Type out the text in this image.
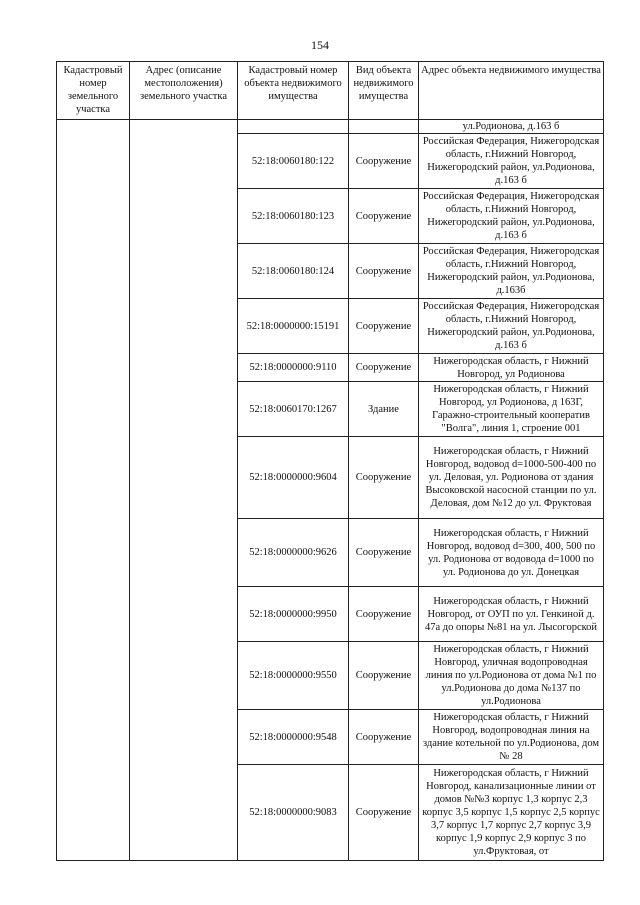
154
Кадастровый номер земельного участка	Адрес (описание местоположения) земельного участка	Кадастровый номер объекта недвижимого имущества	Вид объекта недвижимого имущества	Адрес объекта недвижимого имущества
				ул.Родионова, д.163 б
		52:18:0060180:122	Сооружение	Российская Федерация, Нижегородская область, г.Нижний Новгород, Нижегородский район, ул.Родионова, д.163 б
		52:18:0060180:123	Сооружение	Российская Федерация, Нижегородская область, г.Нижний Новгород, Нижегородский район, ул.Родионова, д.163 б
		52:18:0060180:124	Сооружение	Российская Федерация, Нижегородская область, г.Нижний Новгород, Нижегородский район, ул.Родионова, д.163б
		52:18:0000000:15191	Сооружение	Российская Федерация, Нижегородская область, г.Нижний Новгород, Нижегородский район, ул.Родионова, д.163 б
		52:18:0000000:9110	Сооружение	Нижегородская область, г Нижний Новгород, ул Родионова
		52:18:0060170:1267	Здание	Нижегородская область, г Нижний Новгород, ул Родионова, д 163Г, Гаражно-строительный кооператив "Волга", линия 1, строение 001
		52:18:0000000:9604	Сооружение	Нижегородская область, г Нижний Новгород, водовод d=1000-500-400 по ул. Деловая, ул. Родионова от здания Высоковской насосной станции по ул. Деловая, дом №12 до ул. Фруктовая
		52:18:0000000:9626	Сооружение	Нижегородская область, г Нижний Новгород, водовод d=300, 400, 500 по ул. Родионова от водовода d=1000 по ул. Родионова до ул. Донецкая
		52:18:0000000:9950	Сооружение	Нижегородская область, г Нижний Новгород, от ОУП по ул. Генкиной д. 47а до опоры №81 на ул. Лысогорской
		52:18:0000000:9550	Сооружение	Нижегородская область, г Нижний Новгород, уличная водопроводная линия по ул.Родионова от дома №1 по ул.Родионова до дома №137 по ул.Родионова
		52:18:0000000:9548	Сооружение	Нижегородская область, г Нижний Новгород, водопроводная линия на здание котельной по ул.Родионова, дом № 28
		52:18:0000000:9083	Сооружение	Нижегородская область, г Нижний Новгород, канализационные линии от домов №№3 корпус 1,3 корпус 2,3 корпус 3,5 корпус 1,5 корпус 2,5 корпус 3,7 корпус 1,7 корпус 2,7 корпус 3,9 корпус 1,9 корпус 2,9 корпус 3 по ул.Фруктовая, от
